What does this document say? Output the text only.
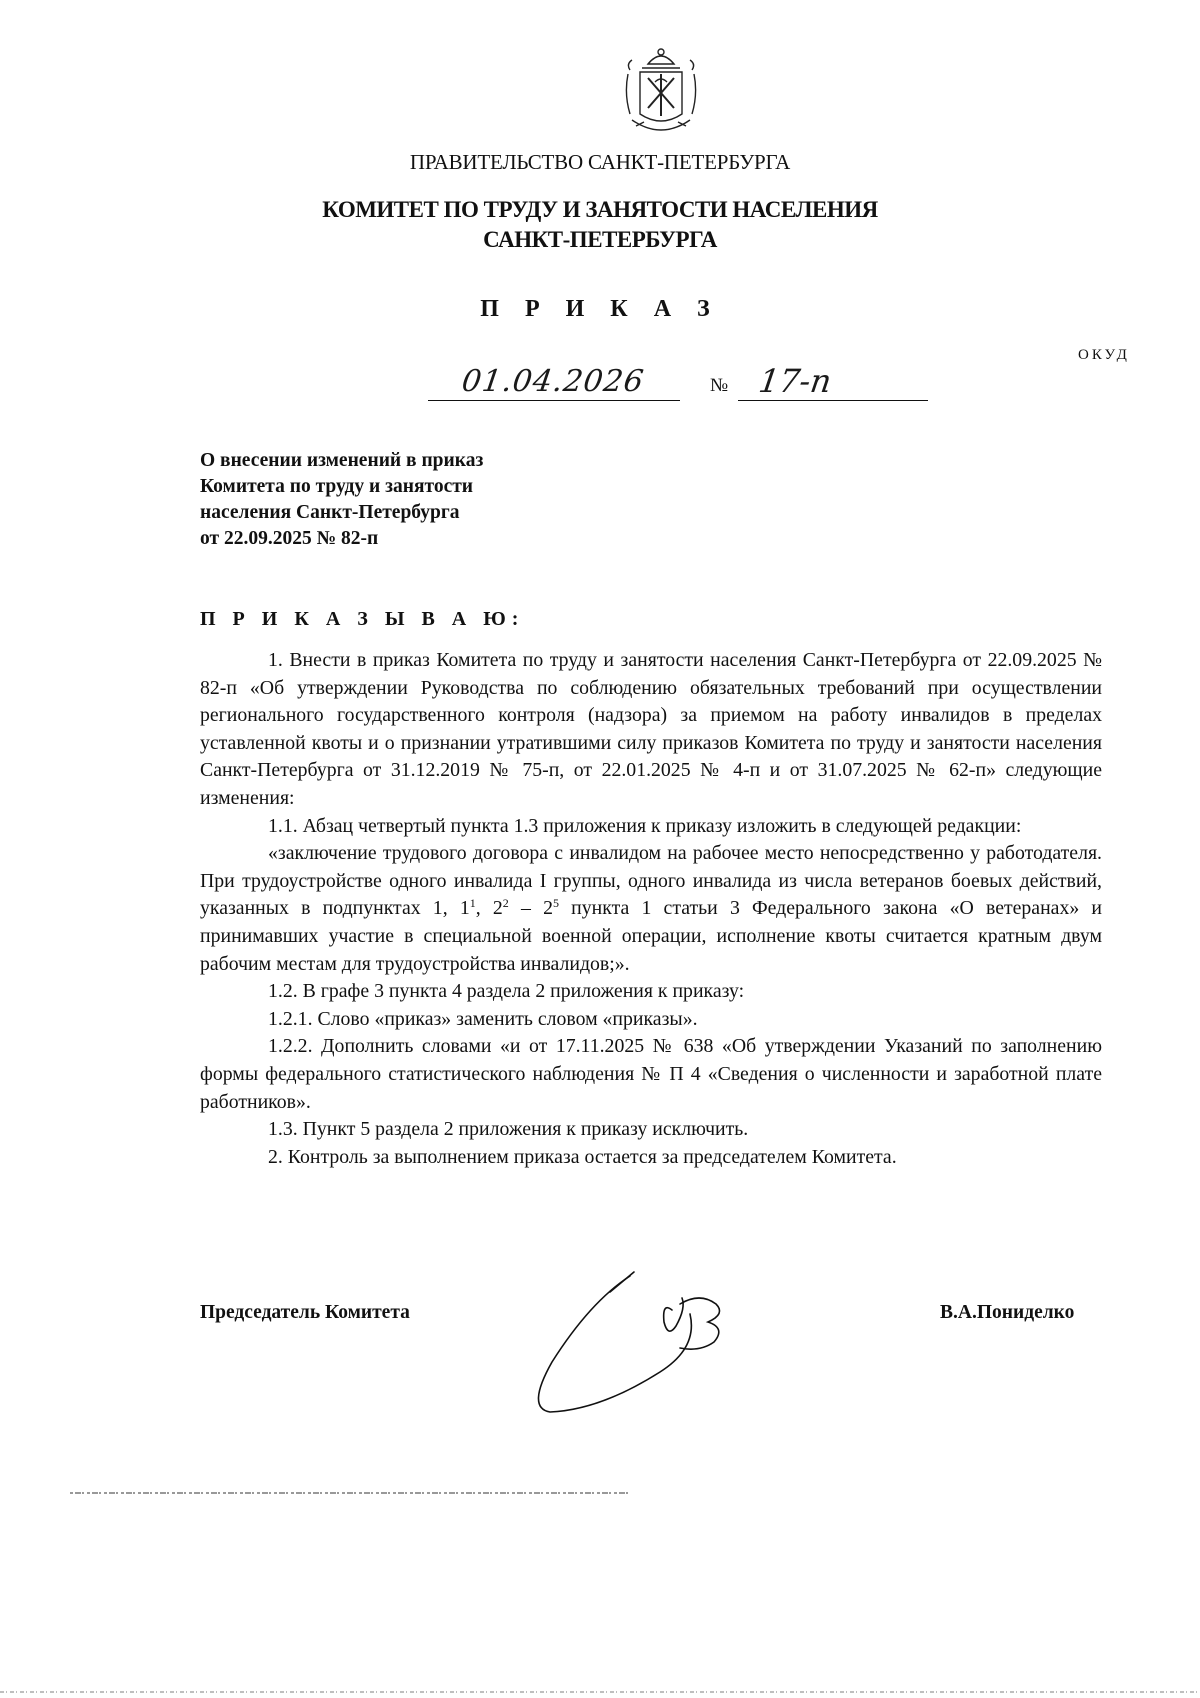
ПРАВИТЕЛЬСТВО САНКТ-ПЕТЕРБУРГА
КОМИТЕТ ПО ТРУДУ И ЗАНЯТОСТИ НАСЕЛЕНИЯ
САНКТ-ПЕТЕРБУРГА
П Р И К А З
ОКУД
01.04.2026	№ 17-п
О внесении изменений в приказ
Комитета по труду и занятости
населения Санкт-Петербурга
от 22.09.2025 № 82-п
П Р И К А З Ы В А Ю:

1. Внести в приказ Комитета по труду и занятости населения Санкт-Петербурга от 22.09.2025 № 82-п «Об утверждении Руководства по соблюдению обязательных требований при осуществлении регионального государственного контроля (надзора) за приемом на работу инвалидов в пределах уставленной квоты и о признании утратившими силу приказов Комитета по труду и занятости населения Санкт-Петербурга от 31.12.2019 № 75-п, от 22.01.2025 № 4-п и от 31.07.2025 № 62-п» следующие изменения:

1.1. Абзац четвертый пункта 1.3 приложения к приказу изложить в следующей редакции:

«заключение трудового договора с инвалидом на рабочее место непосредственно у работодателя. При трудоустройстве одного инвалида I группы, одного инвалида из числа ветеранов боевых действий, указанных в подпунктах 1, $1^1$, $2^2 - 2^5$ пункта 1 статьи 3 Федерального закона «О ветеранах» и принимавших участие в специальной военной операции, исполнение квоты считается кратным двум рабочим местам для трудоустройства инвалидов;».

1.2. В графе 3 пункта 4 раздела 2 приложения к приказу:

1.2.1. Слово «приказ» заменить словом «приказы».

1.2.2. Дополнить словами «и от 17.11.2025 № 638 «Об утверждении Указаний по заполнению формы федерального статистического наблюдения № П 4 «Сведения о численности и заработной плате работников».

1.3. Пункт 5 раздела 2 приложения к приказу исключить.

2. Контроль за выполнением приказа остается за председателем Комитета.

Председатель Комитета	В.А.Пониделко
